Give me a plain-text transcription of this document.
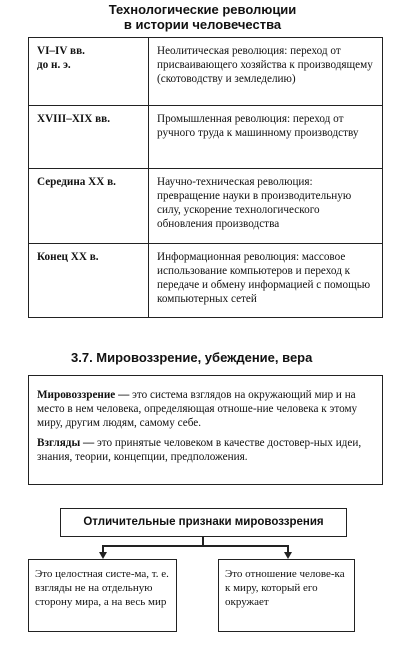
Технологические революции
в истории человечества
VI–IV вв.
до н. э.	Неолитическая революция: переход от присваивающего хозяйства к производящему (скотоводству и земледелию)

XVIII–XIX вв.	Промышленная революция: переход от ручного труда к машинному производству

Середина XX в.	Научно-техническая революция: превращение науки в производительную силу, ускорение технологического обновления производства

Конец XX в.	Информационная революция: массовое использование компьютеров и переход к передаче и обмену информацией с помощью компьютерных сетей
3.7. Мировоззрение, убеждение, вера

Мировоззрение — это система взглядов на окружающий мир и на место в нем человека, определяющая отноше-ние человека к этому миру, другим людям, самому себе.

Взгляды — это принятые человеком в качестве достовер-ных идеи, знания, теории, концепции, предположения.

Отличительные признаки мировоззрения
Это целостная систе-ма, т. е. взгляды не на отдельную сторону мира, а на весь мир
Это отношение челове-ка к миру, который его окружает
